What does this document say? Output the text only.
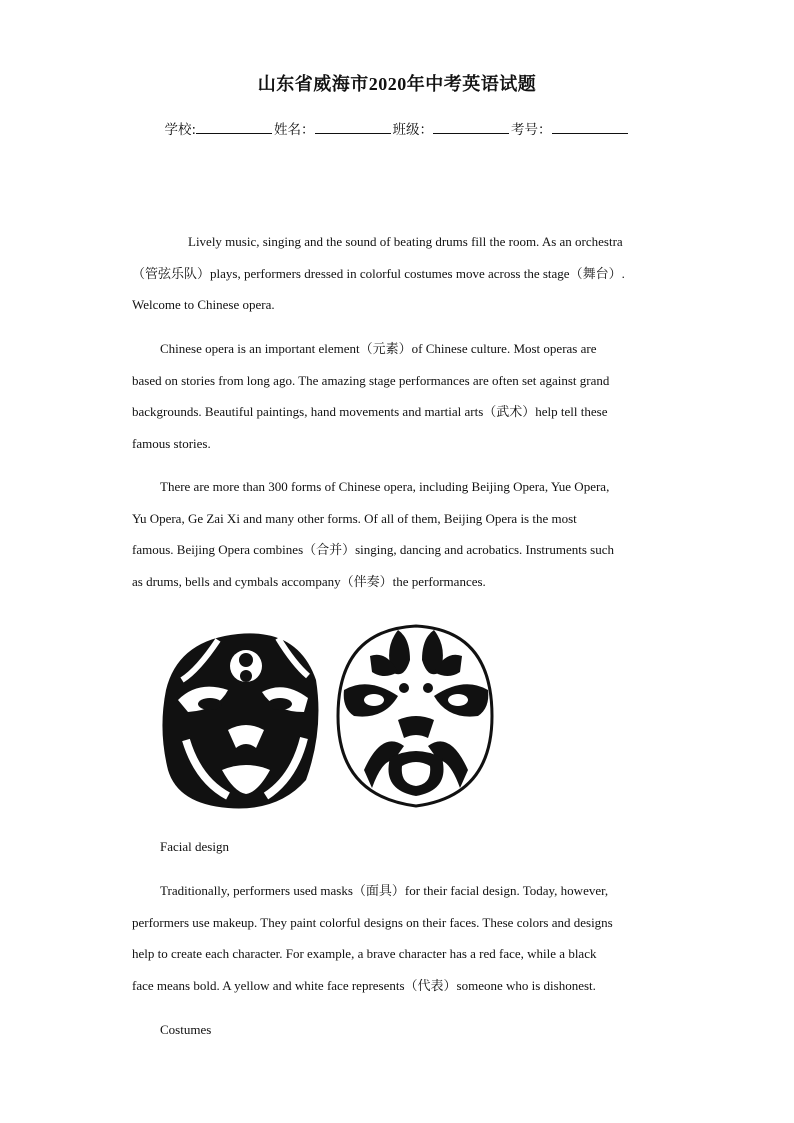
山东省威海市2020年中考英语试题
学校:	姓名：	班级：	考号：
Lively music, singing and the sound of beating drums fill the room. As an orchestra
（管弦乐队）plays, performers dressed in colorful costumes move across the stage（舞台）.
Welcome to Chinese opera.
Chinese opera is an important element（元素）of Chinese culture. Most operas are
based on stories from long ago. The amazing stage performances are often set against grand
backgrounds. Beautiful paintings, hand movements and martial arts（武术）help tell these
famous stories.
There are more than 300 forms of Chinese opera, including Beijing Opera, Yue Opera,
Yu Opera, Ge Zai Xi and many other forms. Of all of them, Beijing Opera is the most
famous. Beijing Opera combines（合并）singing, dancing and acrobatics. Instruments such
as drums, bells and cymbals accompany（伴奏）the performances.
Facial design
Traditionally, performers used masks（面具）for their facial design. Today, however,
performers use makeup. They paint colorful designs on their faces. These colors and designs
help to create each character. For example, a brave character has a red face, while a black
face means bold. A yellow and white face represents（代表）someone who is dishonest.
Costumes
